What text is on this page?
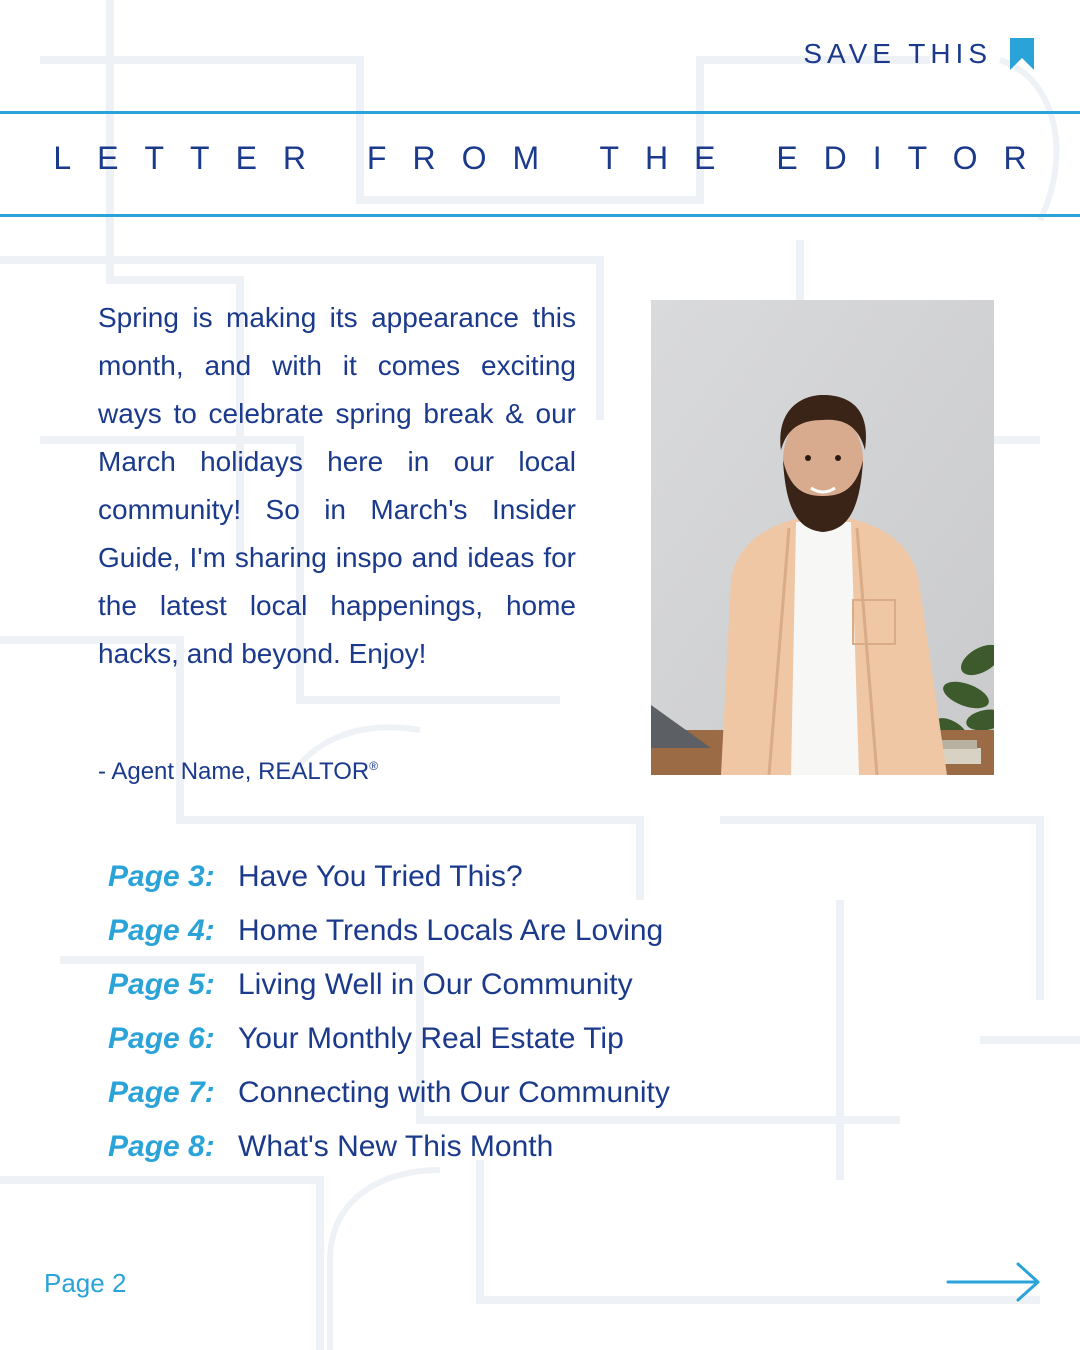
SAVE THIS
LETTER FROM THE EDITOR

Spring is making its appearance this month, and with it comes exciting ways to celebrate spring break & our March holidays here in our local community! So in March's Insider Guide, I'm sharing inspo and ideas for the latest local happenings, home hacks, and beyond. Enjoy!

- Agent Name, REALTOR®
Page 3: Have You Tried This?
Page 4: Home Trends Locals Are Loving
Page 5: Living Well in Our Community
Page 6: Your Monthly Real Estate Tip
Page 7: Connecting with Our Community
Page 8: What's New This Month
Page 2
